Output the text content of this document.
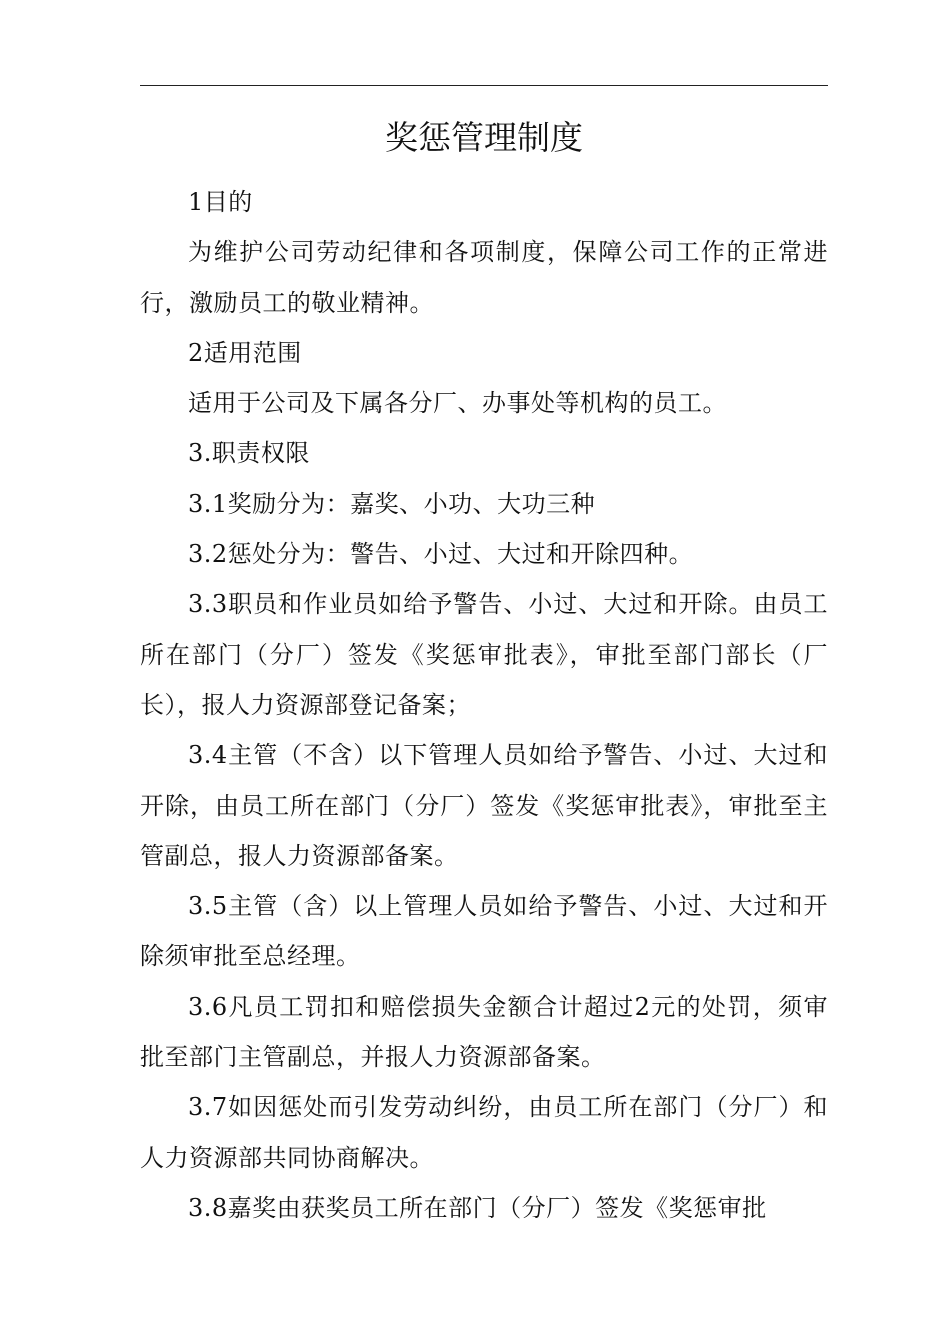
奖惩管理制度

1目的

为维护公司劳动纪律和各项制度，保障公司工作的正常进行，激励员工的敬业精神。

2适用范围

适用于公司及下属各分厂、办事处等机构的员工。

3.职责权限

3.1奖励分为：嘉奖、小功、大功三种

3.2惩处分为：警告、小过、大过和开除四种。

3.3职员和作业员如给予警告、小过、大过和开除。由员工所在部门（分厂）签发《奖惩审批表》，审批至部门部长（厂长），报人力资源部登记备案；

3.4主管（不含）以下管理人员如给予警告、小过、大过和开除，由员工所在部门（分厂）签发《奖惩审批表》，审批至主管副总，报人力资源部备案。

3.5主管（含）以上管理人员如给予警告、小过、大过和开除须审批至总经理。

3.6凡员工罚扣和赔偿损失金额合计超过2元的处罚，须审批至部门主管副总，并报人力资源部备案。

3.7如因惩处而引发劳动纠纷，由员工所在部门（分厂）和人力资源部共同协商解决。

3.8嘉奖由获奖员工所在部门（分厂）签发《奖惩审批
